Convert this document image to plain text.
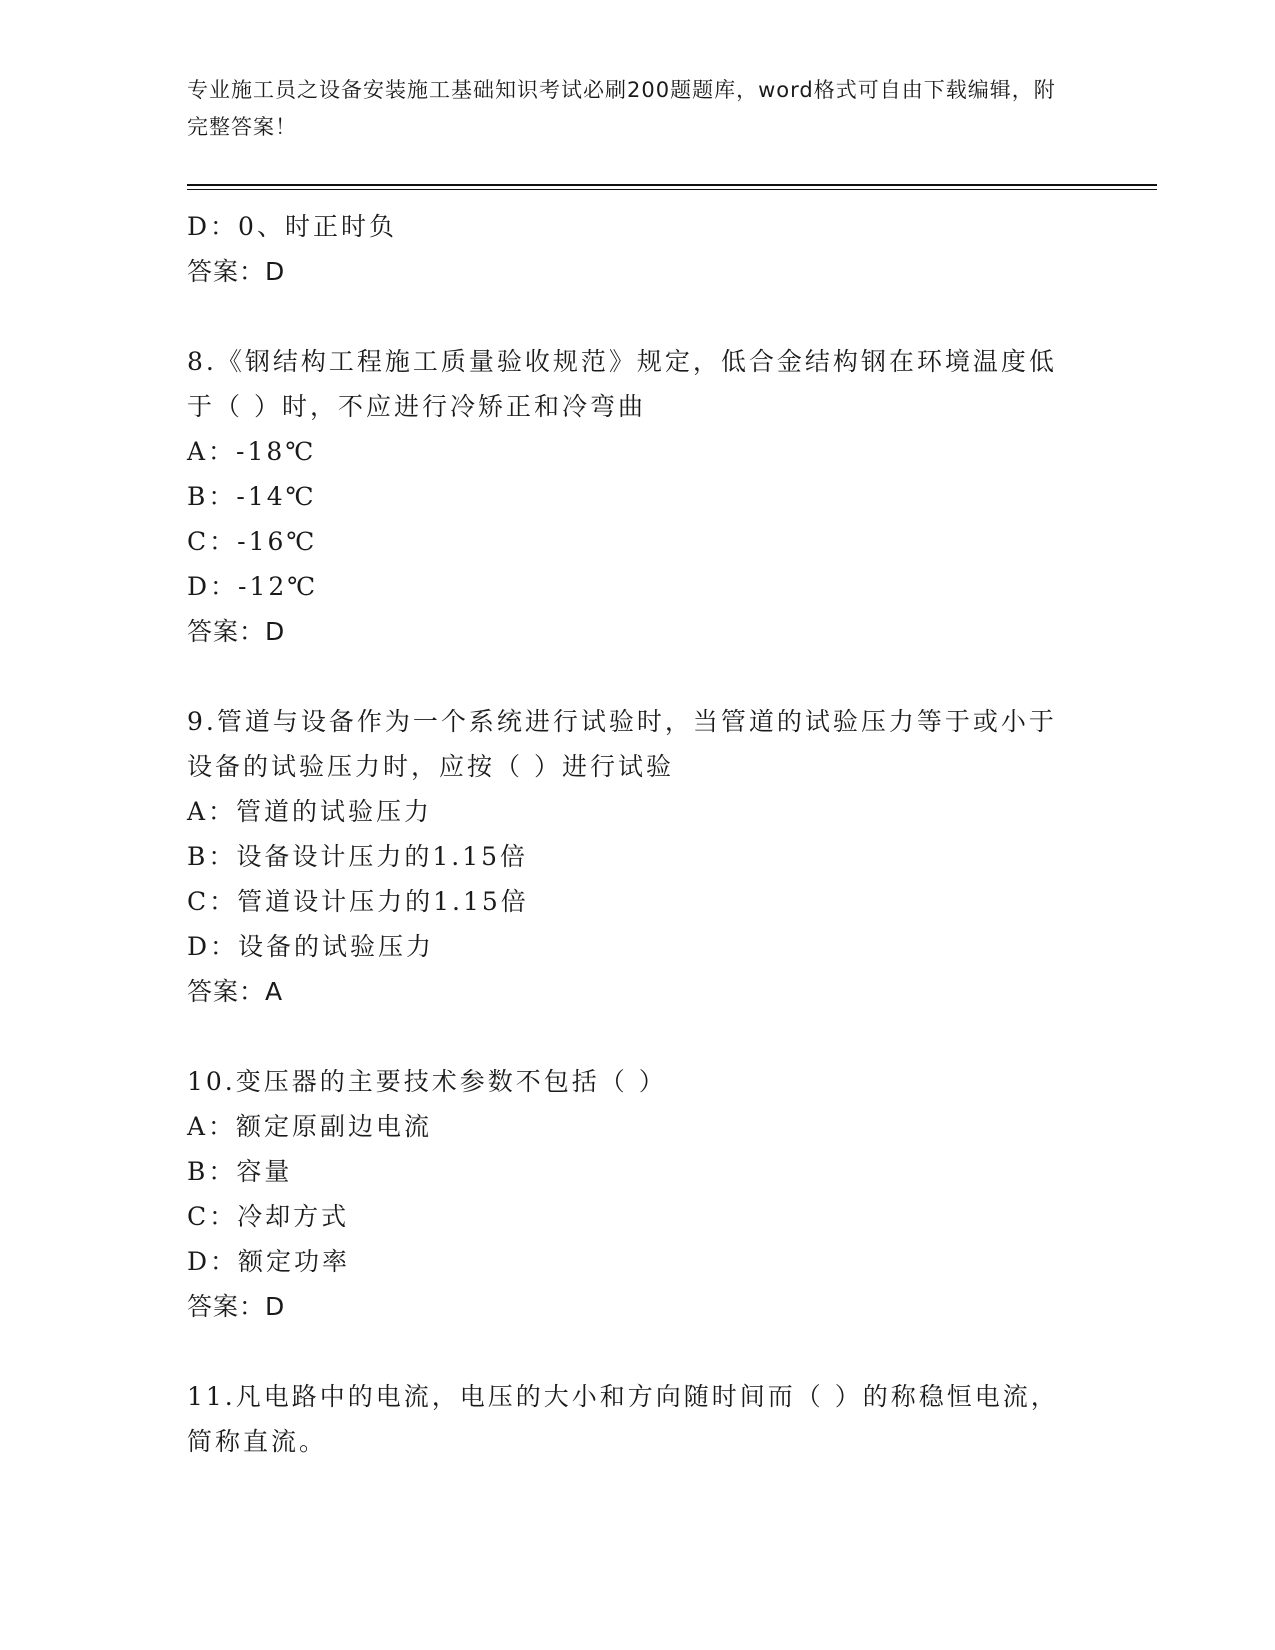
专业施工员之设备安装施工基础知识考试必刷200题题库，word格式可自由下载编辑，附完整答案！

D：0、时正时负

答案：D

8.《钢结构工程施工质量验收规范》规定，低合金结构钢在环境温度低于（ ）时，不应进行冷矫正和冷弯曲

A：-18℃

B：-14℃

C：-16℃

D：-12℃

答案：D

9.管道与设备作为一个系统进行试验时，当管道的试验压力等于或小于设备的试验压力时，应按（ ）进行试验

A：管道的试验压力

B：设备设计压力的1.15倍

C：管道设计压力的1.15倍

D：设备的试验压力

答案：A

10.变压器的主要技术参数不包括（ ）

A：额定原副边电流

B：容量

C：冷却方式

D：额定功率

答案：D

11.凡电路中的电流，电压的大小和方向随时间而（ ）的称稳恒电流，简称直流。
